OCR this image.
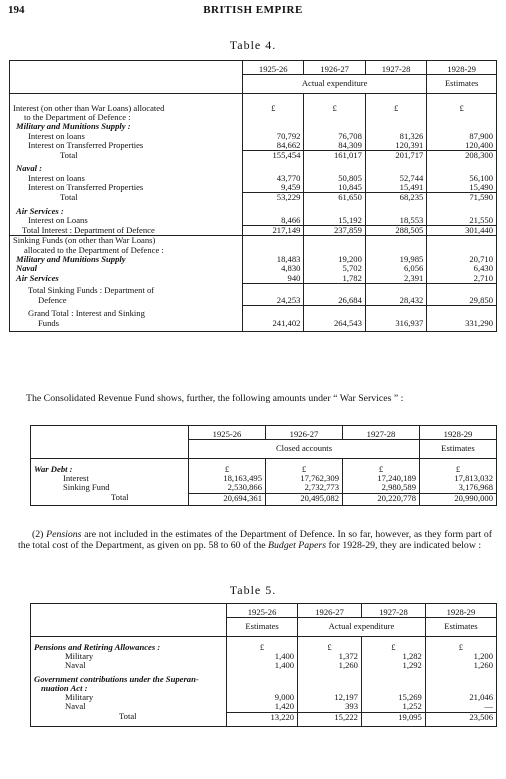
194	BRITISH EMPIRE
Table 4.
	1925-26	1926-27	1927-28	1928-29
	Actual expenditure			Estimates

Interest (on other than War Loans) allocated	£	£	£	£
to the Department of Defence :				
Military and Munitions Supply :				
Interest on loans	70,792	76,708	81,326	87,900
Interest on Transferred Properties	84,662	84,309	120,391	120,400
Total	155,454	161,017	201,717	208,300
Naval :				
Interest on loans	43,770	50,805	52,744	56,100
Interest on Transferred Properties	9,459	10,845	15,491	15,490
Total	53,229	61,650	68,235	71,590
Air Services :				
Interest on Loans	8,466	15,192	18,553	21,550
Total Interest : Department of Defence	217,149	237,859	288,505	301,440
Sinking Funds (on other than War Loans)				
allocated to the Department of Defence :				
Military and Munitions Supply	18,483	19,200	19,985	20,710
Naval	4,830	5,702	6,056	6,430
Air Services	940	1,782	2,391	2,710
Total Sinking Funds : Department of				
Defence	24,253	26,684	28,432	29,850
Grand Total : Interest and Sinking				
Funds	241,402	264,543	316,937	331,290
The Consolidated Revenue Fund shows, further, the following amounts under “ War Services ” :
	1925-26	1926-27	1927-28	1928-29
	Closed accounts			Estimates
War Debt :	£	£	£	£
Interest	18,163,495	17,762,309	17,240,189	17,813,032
Sinking Fund	2,530,866	2,732,773	2,980,589	3,176,968
Total	20,694,361	20,495,082	20,220,778	20,990,000
(2) Pensions are not included in the estimates of the Department of Defence. In so far, however, as they form part of the total cost of the Department, as given on pp. 58 to 60 of the Budget Papers for 1928-29, they are indicated below :
Table 5.
	1925-26	1926-27	1927-28	1928-29
	Estimates	Actual expenditure		Estimates
Pensions and Retiring Allowances :	£	£	£	£
Military	1,400	1,372	1,282	1,200
Naval	1,400	1,260	1,292	1,260
Government contributions under the Superan-				
nuation Act :				
Military	9,000	12,197	15,269	21,046
Naval	1,420	393	1,252	—
Total	13,220	15,222	19,095	23,506
